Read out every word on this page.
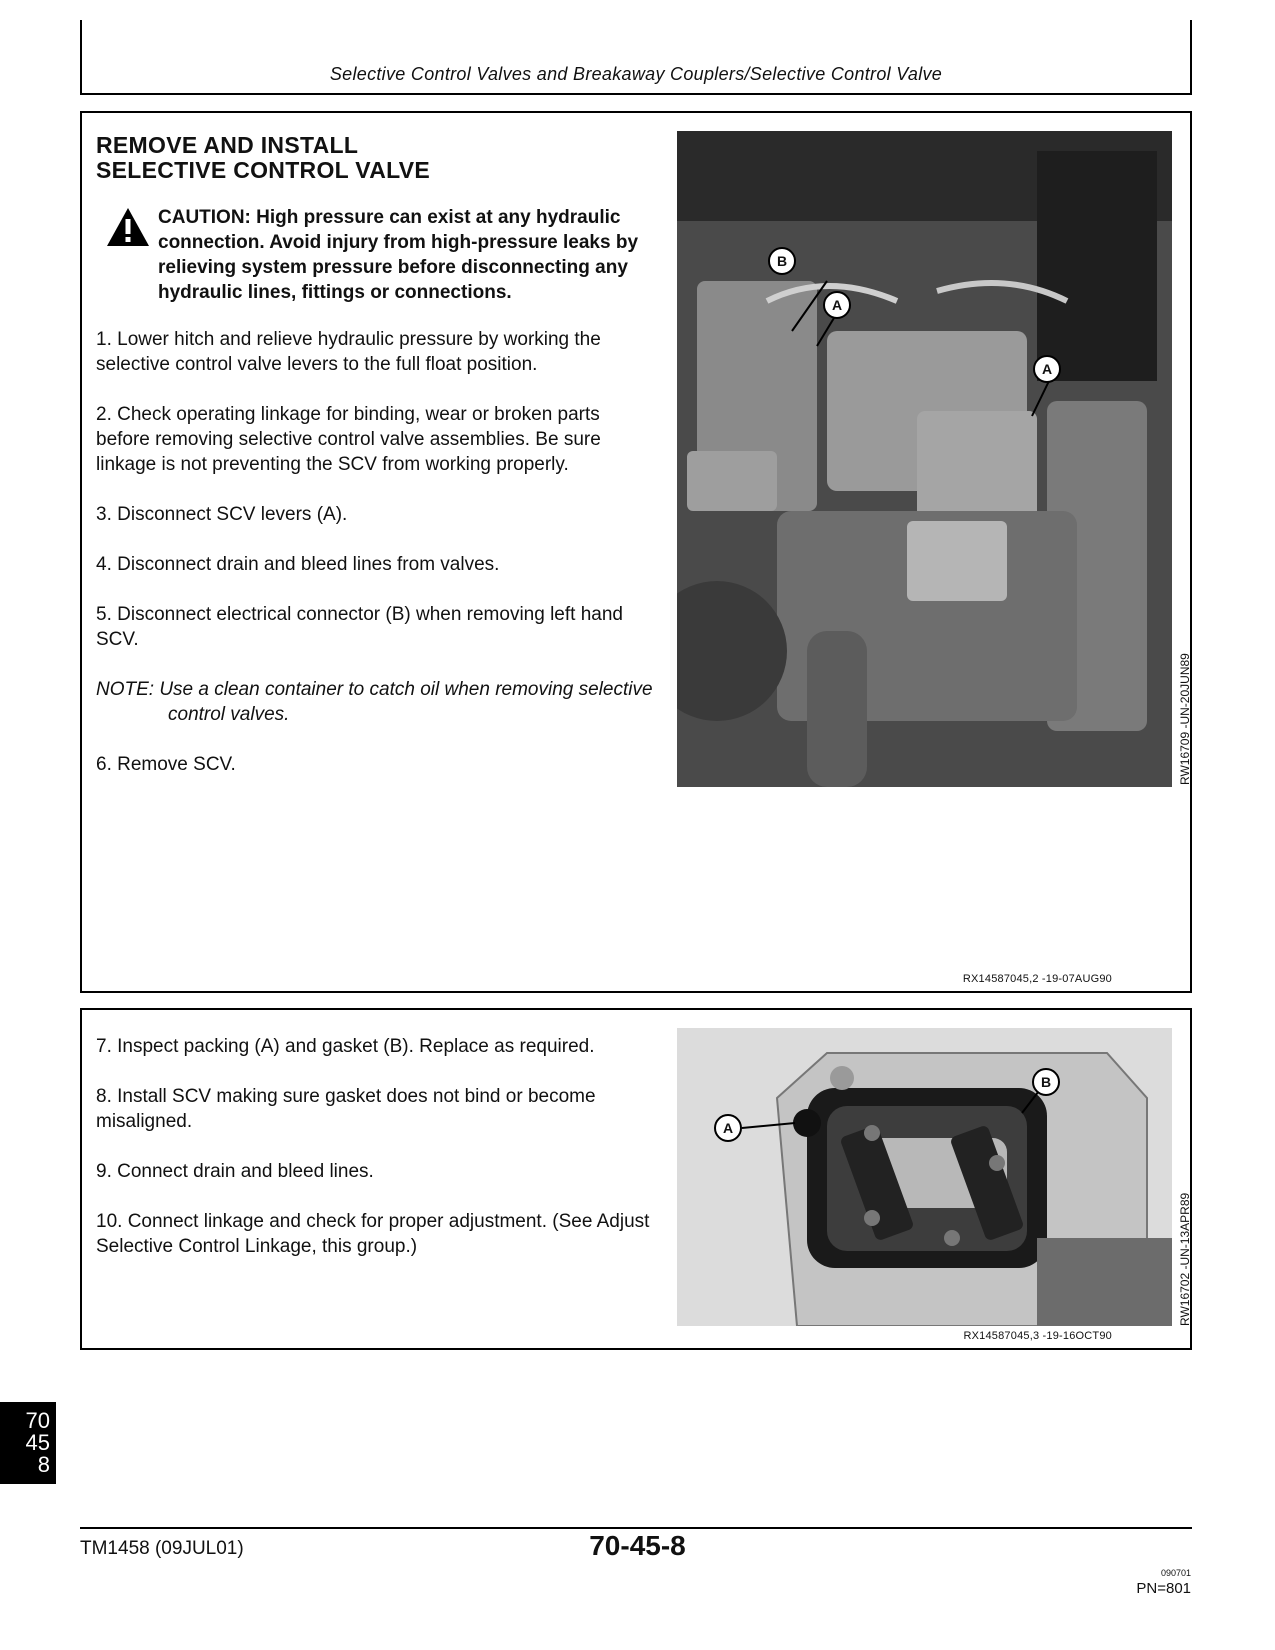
Selective Control Valves and Breakaway Couplers/Selective Control Valve
REMOVE AND INSTALL
SELECTIVE CONTROL VALVE
CAUTION: High pressure can exist at any hydraulic connection. Avoid injury from high-pressure leaks by relieving system pressure before disconnecting any hydraulic lines, fittings or connections.

1. Lower hitch and relieve hydraulic pressure by working the selective control valve levers to the full float position.

2. Check operating linkage for binding, wear or broken parts before removing selective control valve assemblies. Be sure linkage is not preventing the SCV from working properly.

3. Disconnect SCV levers (A).

4. Disconnect drain and bleed lines from valves.

5. Disconnect electrical connector (B) when removing left hand SCV.

NOTE: Use a clean container to catch oil when removing selective control valves.

6. Remove SCV.

B
A
A
RW16709 -UN-20JUN89
RX14587045,2 -19-07AUG90

7. Inspect packing (A) and gasket (B). Replace as required.

8. Install SCV making sure gasket does not bind or become misaligned.

9. Connect drain and bleed lines.

10. Connect linkage and check for proper adjustment. (See Adjust Selective Control Linkage, this group.)

A
B
RW16702 -UN-13APR89
RX14587045,3 -19-16OCT90
70
45
8
TM1458 (09JUL01)	70-45-8
090701
PN=801
